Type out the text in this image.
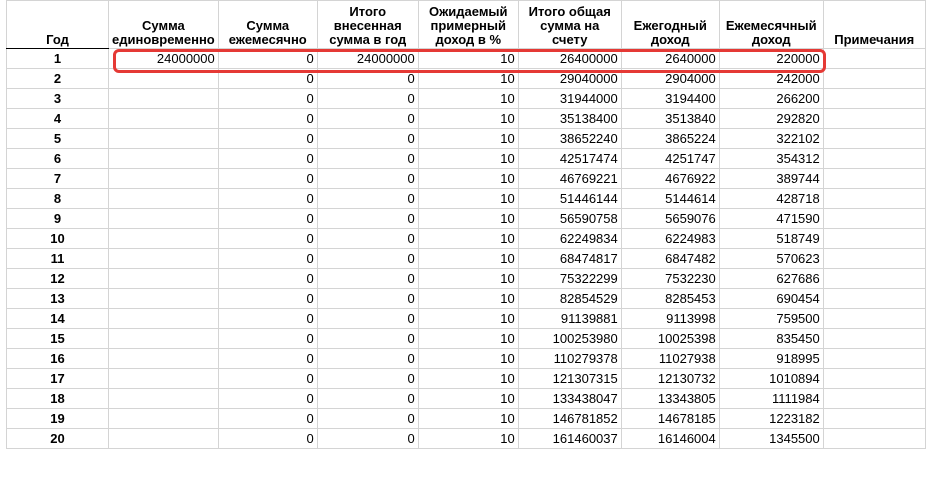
Год	Сумма единовременно	Сумма ежемесячно	Итого внесенная сумма в год	Ожидаемый примерный доход в %	Итого общая сумма на счету	Ежегодный доход	Ежемесячный доход	Примечания
1	24000000	0	24000000	10	26400000	2640000	220000	
2		0	0	10	29040000	2904000	242000	
3		0	0	10	31944000	3194400	266200	
4		0	0	10	35138400	3513840	292820	
5		0	0	10	38652240	3865224	322102	
6		0	0	10	42517474	4251747	354312	
7		0	0	10	46769221	4676922	389744	
8		0	0	10	51446144	5144614	428718	
9		0	0	10	56590758	5659076	471590	
10		0	0	10	62249834	6224983	518749	
11		0	0	10	68474817	6847482	570623	
12		0	0	10	75322299	7532230	627686	
13		0	0	10	82854529	8285453	690454	
14		0	0	10	91139881	9113998	759500	
15		0	0	10	100253980	10025398	835450	
16		0	0	10	110279378	11027938	918995	
17		0	0	10	121307315	12130732	1010894	
18		0	0	10	133438047	13343805	1111984	
19		0	0	10	146781852	14678185	1223182	
20		0	0	10	161460037	16146004	1345500	
